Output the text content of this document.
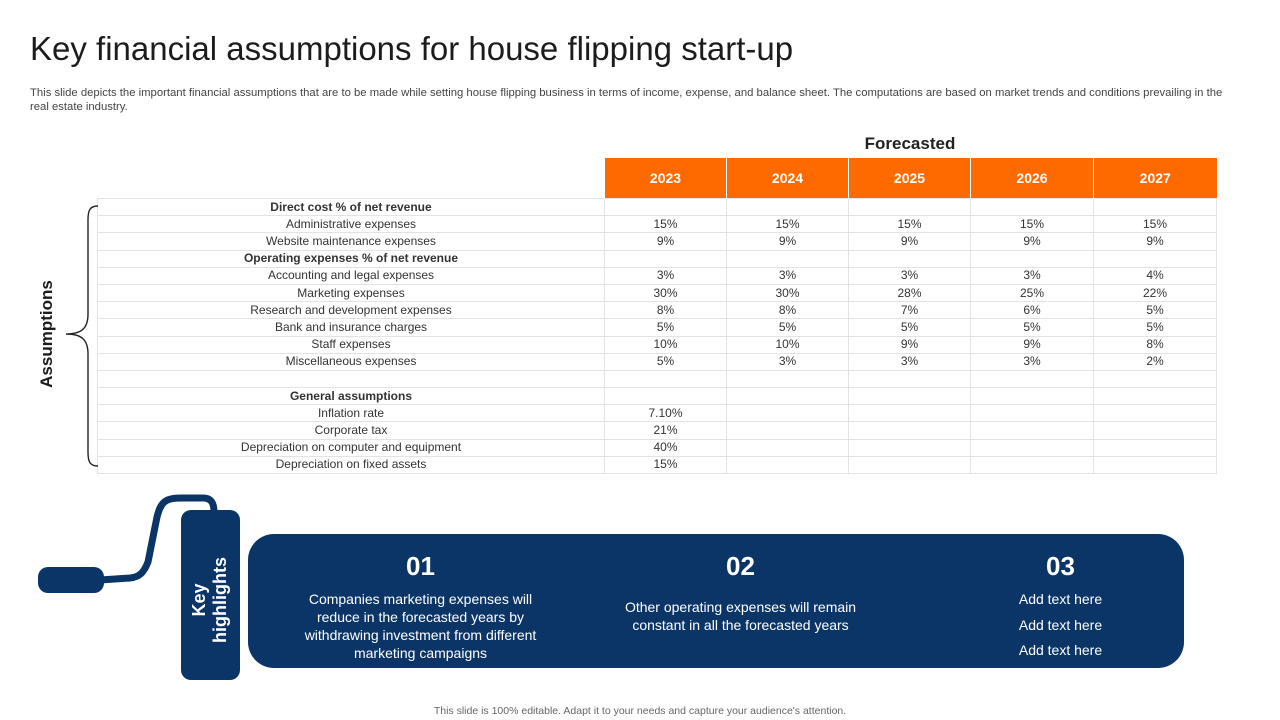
Key financial assumptions for house flipping start-up
This slide depicts the important financial assumptions that are to be made while setting house flipping business in terms of income, expense, and balance sheet. The computations are based on market trends and conditions prevailing in the real estate industry.
Forecasted
	2023	2024	2025	2026	2027
Direct cost % of net revenue					
Administrative expenses	15%	15%	15%	15%	15%
Website maintenance expenses	9%	9%	9%	9%	9%
Operating expenses % of net revenue					
Accounting and legal expenses	3%	3%	3%	3%	4%
Marketing expenses	30%	30%	28%	25%	22%
Research and development expenses	8%	8%	7%	6%	5%
Bank and insurance charges	5%	5%	5%	5%	5%
Staff expenses	10%	10%	9%	9%	8%
Miscellaneous expenses	5%	3%	3%	3%	2%

General assumptions					
Inflation rate	7.10%				
Corporate tax	21%				
Depreciation on computer and equipment	40%				
Depreciation on fixed assets	15%				
Assumptions
Key highlights	01
Companies marketing expenses will reduce in the forecasted years by withdrawing investment from different marketing campaigns
02
Other operating expenses will remain constant in all the forecasted years
03
Add text here
Add text here
Add text here
This slide is 100% editable. Adapt it to your needs and capture your audience's attention.
